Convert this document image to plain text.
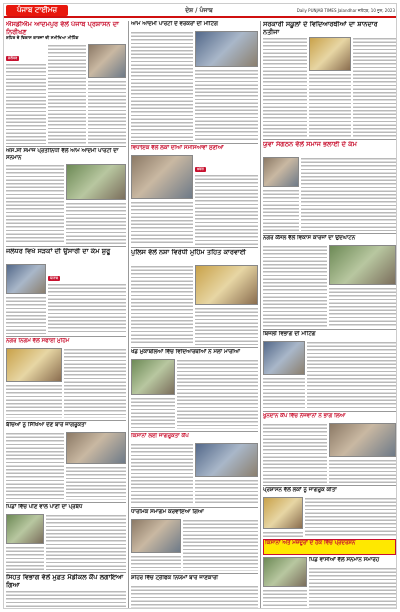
ਪੰਜਾਬ ਟਾਈਮਜ਼	ਦੇਸ਼ / ਪੰਜਾਬ	Daily PUNJAB TIMES Jalandhar ਜਲੰਧਰ, 10 ਜੂਨ, 2023
ਐਸਡੀਐਮ ਆਦਮਪੁਰ ਵੱਲੋਂ ਪੰਜਾਬ ਪ੍ਰਸ਼ਾਸਨ ਦਾ ਨਿਰੀਖਣ
ਸ਼ਹਿਰ ਦੇ ਵਿਕਾਸ ਕਾਰਜਾਂ ਦੀ ਸਮੀਖਿਆ ਮੀਟਿੰਗ
ਜਲੰਧਰ
ਐਸ.ਸੀ ਸਮਾਜ ਪ੍ਰਤੀਨਿਧੀ ਵੱਲੋਂ ਆਮ ਆਦਮੀ ਪਾਰਟੀ ਦਾ ਸਨਮਾਨ
ਜਲੰਧਰ ਵਿਖੇ ਸੜਕਾਂ ਦੀ ਉਸਾਰੀ ਦਾ ਕੰਮ ਸ਼ੁਰੂ
ਪੰਜਾਬ
ਨਗਰ ਨਿਗਮ ਵੱਲੋਂ ਸਫਾਈ ਮੁਹਿੰਮ
ਬੱਚਿਆਂ ਨੂੰ ਸਿੱਖਿਆ ਦੇਣ ਬਾਰੇ ਜਾਗਰੂਕਤਾ
ਪਿੰਡਾਂ ਵਿੱਚ ਪੀਣ ਵਾਲੇ ਪਾਣੀ ਦਾ ਪ੍ਰਬੰਧ
ਸਿਹਤ ਵਿਭਾਗ ਵੱਲੋਂ ਮੁਫ਼ਤ ਮੈਡੀਕਲ ਕੈਂਪ ਲਗਾਇਆ ਗਿਆ
ਆਮ ਆਦਮੀ ਪਾਰਟੀ ਦੇ ਵਰਕਰਾਂ ਦੀ ਮੀਟਿੰਗ
ਵਿਧਾਇਕ ਵੱਲੋਂ ਲੋਕਾਂ ਦੀਆਂ ਸਮੱਸਿਆਵਾਂ ਸੁਣੀਆਂ
ਖ਼ਬਰ
ਪੁਲਿਸ ਵੱਲੋਂ ਨਸ਼ਾ ਵਿਰੋਧੀ ਮੁਹਿੰਮ ਤਹਿਤ ਕਾਰਵਾਈ
ਖੇਡ ਮੁਕਾਬਲਿਆਂ ਵਿੱਚ ਵਿਦਿਆਰਥੀਆਂ ਨੇ ਮੱਲਾਂ ਮਾਰੀਆਂ
ਕਿਸਾਨਾਂ ਲਈ ਜਾਗਰੂਕਤਾ ਕੈਂਪ
ਧਾਰਮਿਕ ਸਮਾਗਮ ਕਰਵਾਇਆ ਗਿਆ
ਸ਼ਹਿਰ ਵਿੱਚ ਟ੍ਰੈਫਿਕ ਨਿਯਮਾਂ ਬਾਰੇ ਜਾਣਕਾਰੀ
ਸਰਕਾਰੀ ਸਕੂਲਾਂ ਦੇ ਵਿਦਿਆਰਥੀਆਂ ਦਾ ਸ਼ਾਨਦਾਰ ਨਤੀਜਾ
ਯੁਵਾ ਸੰਗਠਨ ਵੱਲੋਂ ਸਮਾਜ ਭਲਾਈ ਦੇ ਕੰਮ
ਨਗਰ ਕੌਂਸਲ ਵੱਲੋਂ ਵਿਕਾਸ ਕਾਰਜਾਂ ਦਾ ਉਦਘਾਟਨ
ਬਿਜਲੀ ਵਿਭਾਗ ਦੀ ਮੀਟਿੰਗ
ਖੂਨਦਾਨ ਕੈਂਪ ਵਿੱਚ ਨੌਜਵਾਨਾਂ ਨੇ ਭਾਗ ਲਿਆ
ਪ੍ਰਸ਼ਾਸਨ ਵੱਲੋਂ ਲੋਕਾਂ ਨੂੰ ਜਾਗਰੂਕ ਕੀਤਾ
ਕਿਸਾਨਾਂ ਅਤੇ ਮਜ਼ਦੂਰਾਂ ਦੇ ਹੱਕ ਵਿੱਚ ਪ੍ਰਦਰਸ਼ਨ
ਪਿੰਡ ਵਾਸੀਆਂ ਵੱਲੋਂ ਸਨਮਾਨ ਸਮਾਰੋਹ
